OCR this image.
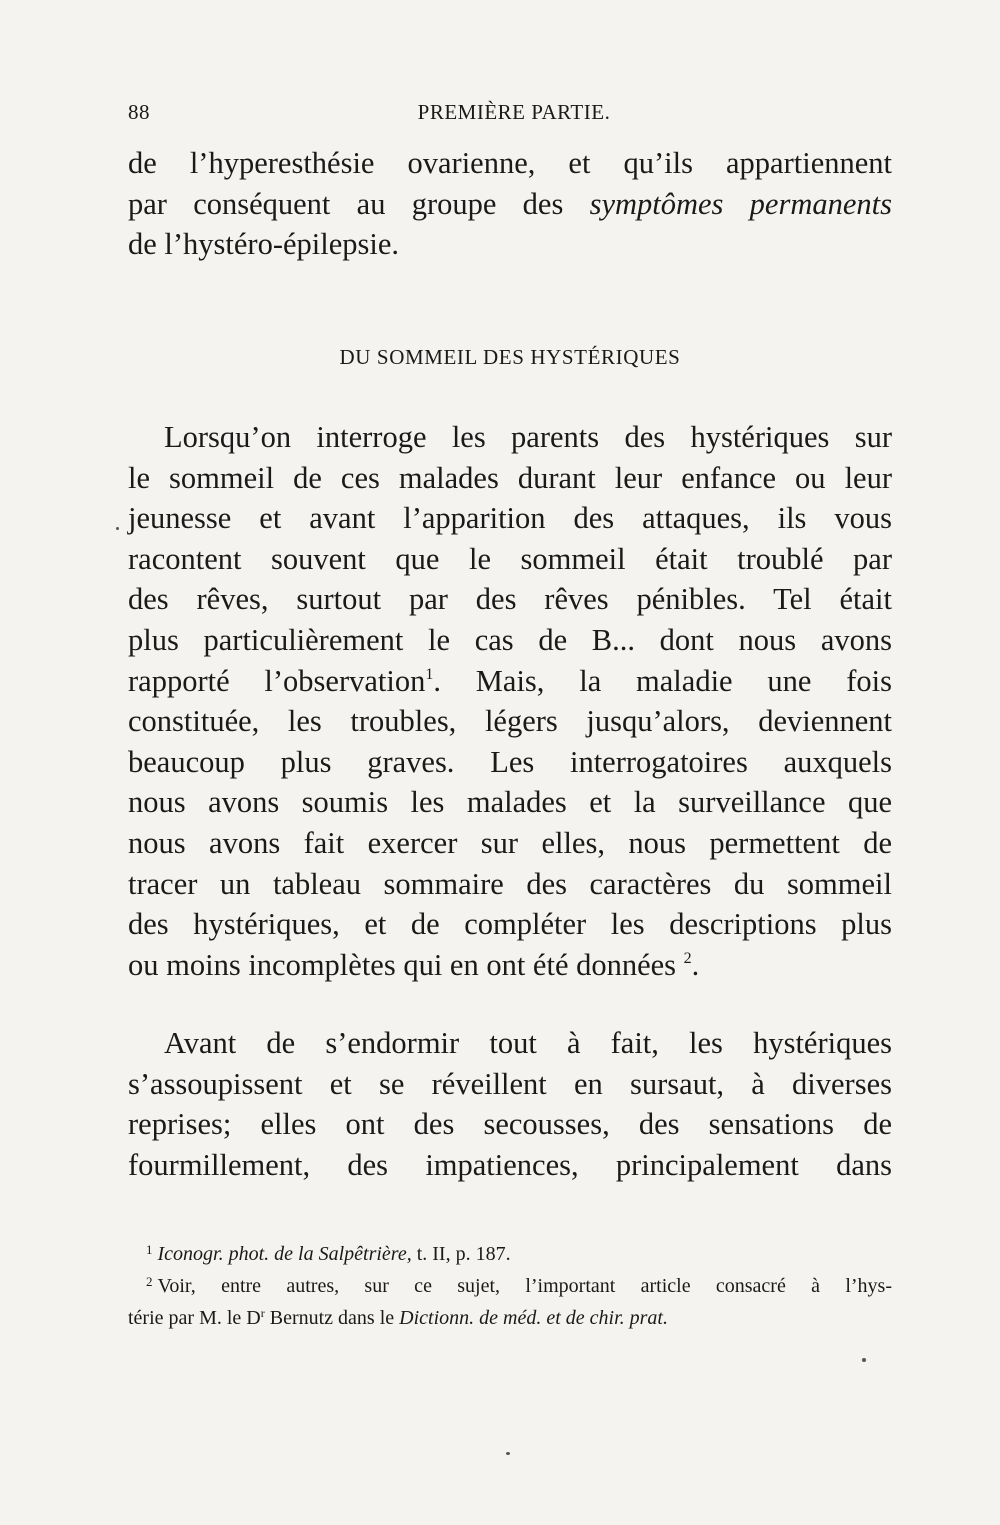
88	PREMIÈRE PARTIE.
de l’hyperesthésie ovarienne, et qu’ils appartiennent
par conséquent au groupe des symptômes permanents
de l’hystéro-épilepsie.
DU SOMMEIL DES HYSTÉRIQUES
Lorsqu’on interroge les parents des hystériques sur
le sommeil de ces malades durant leur enfance ou leur
jeunesse et avant l’apparition des attaques, ils vous
racontent souvent que le sommeil était troublé par
des rêves, surtout par des rêves pénibles. Tel était
plus particulièrement le cas de B... dont nous avons
rapporté l’observation$^1$. Mais, la maladie une fois
constituée, les troubles, légers jusqu’alors, deviennent
beaucoup plus graves. Les interrogatoires auxquels
nous avons soumis les malades et la surveillance que
nous avons fait exercer sur elles, nous permettent de
tracer un tableau sommaire des caractères du sommeil
des hystériques, et de compléter les descriptions plus
ou moins incomplètes qui en ont été données $^2$.
Avant de s’endormir tout à fait, les hystériques
s’assoupissent et se réveillent en sursaut, à diverses
reprises; elles ont des secousses, des sensations de
fourmillement, des impatiences, principalement dans
$^1$ Iconogr. phot. de la Salpêtrière, t. II, p. 187.
$^2$ Voir, entre autres, sur ce sujet, l’important article consacré à l’hys-
térie par M. le $D^r$ Bernutz dans le Dictionn. de méd. et de chir. prat.
